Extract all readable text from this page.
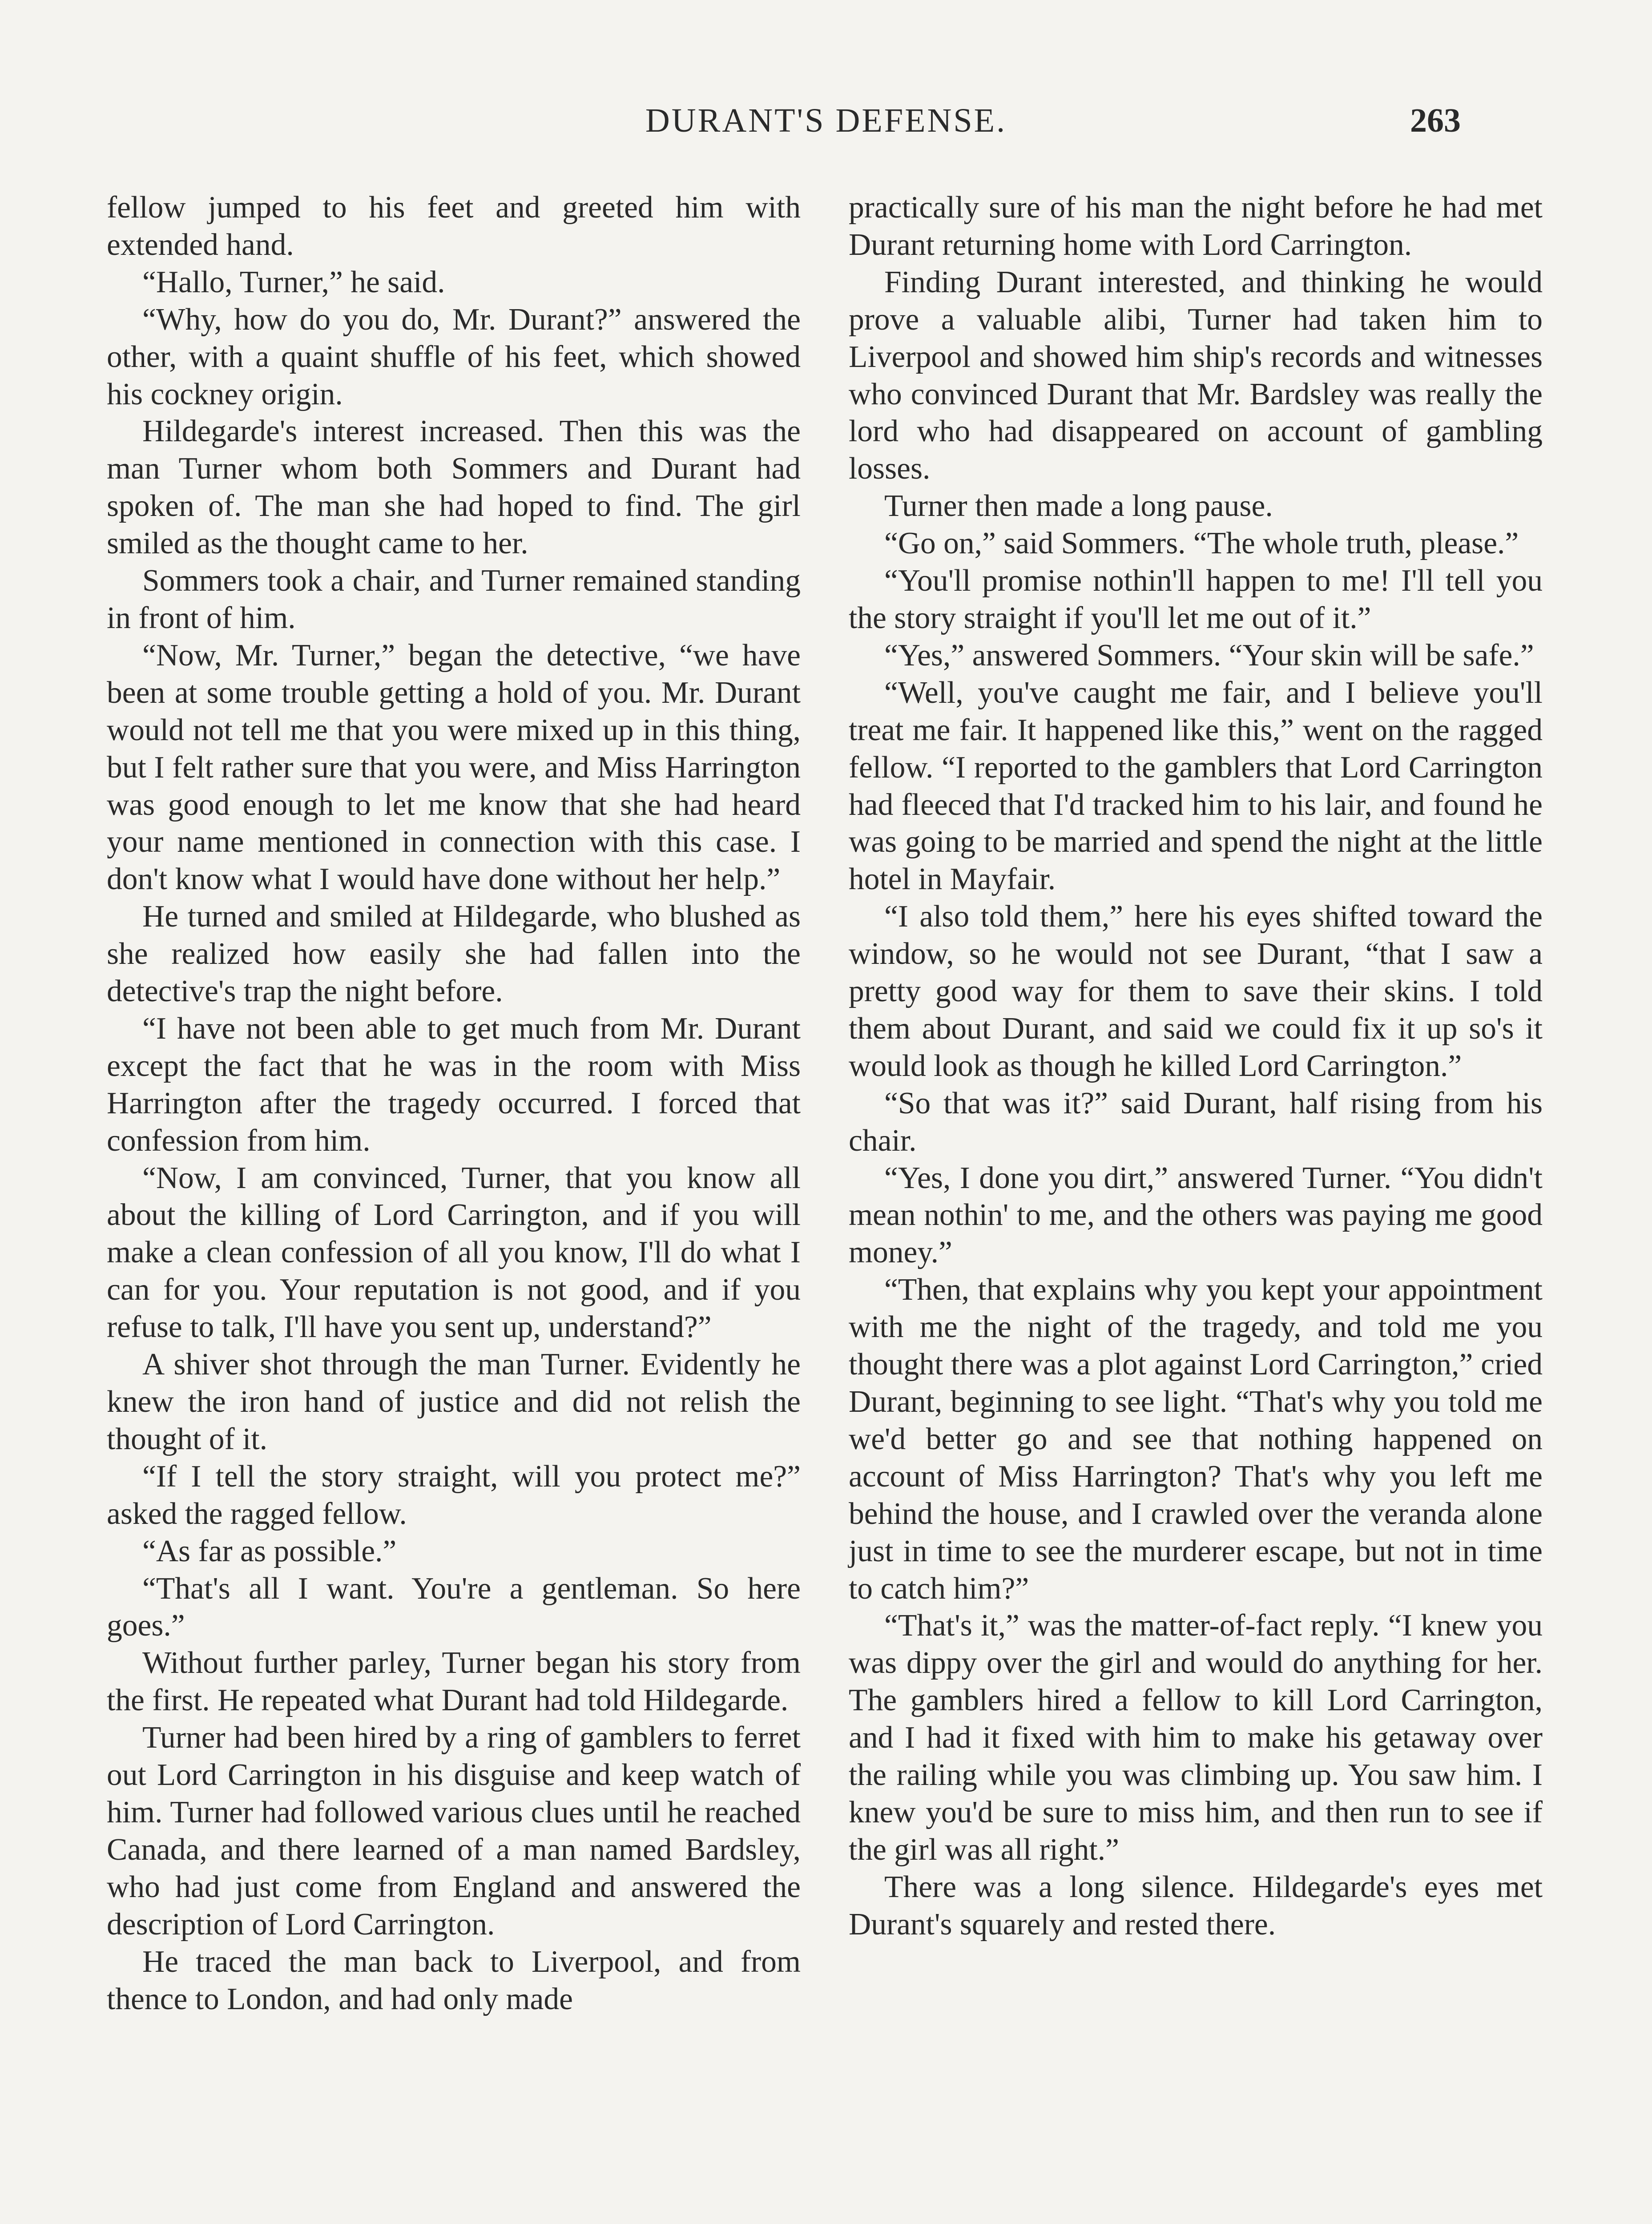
DURANT'S DEFENSE.	263

fellow jumped to his feet and greeted him with extended hand.

“Hallo, Turner,” he said.

“Why, how do you do, Mr. Durant?” answered the other, with a quaint shuffle of his feet, which showed his cockney origin.

Hildegarde's interest increased. Then this was the man Turner whom both Sommers and Durant had spoken of. The man she had hoped to find. The girl smiled as the thought came to her.

Sommers took a chair, and Turner remained standing in front of him.

“Now, Mr. Turner,” began the detective, “we have been at some trouble getting a hold of you. Mr. Durant would not tell me that you were mixed up in this thing, but I felt rather sure that you were, and Miss Harrington was good enough to let me know that she had heard your name mentioned in connection with this case. I don't know what I would have done without her help.”

He turned and smiled at Hildegarde, who blushed as she realized how easily she had fallen into the detective's trap the night before.

“I have not been able to get much from Mr. Durant except the fact that he was in the room with Miss Harrington after the tragedy occurred. I forced that confession from him.

“Now, I am convinced, Turner, that you know all about the killing of Lord Carrington, and if you will make a clean confession of all you know, I'll do what I can for you. Your reputation is not good, and if you refuse to talk, I'll have you sent up, understand?”

A shiver shot through the man Turner. Evidently he knew the iron hand of justice and did not relish the thought of it.

“If I tell the story straight, will you protect me?” asked the ragged fellow.

“As far as possible.”

“That's all I want. You're a gentleman. So here goes.”

Without further parley, Turner began his story from the first. He repeated what Durant had told Hildegarde.

Turner had been hired by a ring of gamblers to ferret out Lord Carrington in his disguise and keep watch of him. Turner had followed various clues until he reached Canada, and there learned of a man named Bardsley, who had just come from England and answered the description of Lord Carrington.

He traced the man back to Liverpool, and from thence to London, and had only made

practically sure of his man the night before he had met Durant returning home with Lord Carrington.

Finding Durant interested, and thinking he would prove a valuable alibi, Turner had taken him to Liverpool and showed him ship's records and witnesses who convinced Durant that Mr. Bardsley was really the lord who had disappeared on account of gambling losses.

Turner then made a long pause.

“Go on,” said Sommers. “The whole truth, please.”

“You'll promise nothin'll happen to me! I'll tell you the story straight if you'll let me out of it.”

“Yes,” answered Sommers. “Your skin will be safe.”

“Well, you've caught me fair, and I believe you'll treat me fair. It happened like this,” went on the ragged fellow. “I reported to the gamblers that Lord Carrington had fleeced that I'd tracked him to his lair, and found he was going to be married and spend the night at the little hotel in Mayfair.

“I also told them,” here his eyes shifted toward the window, so he would not see Durant, “that I saw a pretty good way for them to save their skins. I told them about Durant, and said we could fix it up so's it would look as though he killed Lord Carrington.”

“So that was it?” said Durant, half rising from his chair.

“Yes, I done you dirt,” answered Turner. “You didn't mean nothin' to me, and the others was paying me good money.”

“Then, that explains why you kept your appointment with me the night of the tragedy, and told me you thought there was a plot against Lord Carrington,” cried Durant, beginning to see light. “That's why you told me we'd better go and see that nothing happened on account of Miss Harrington? That's why you left me behind the house, and I crawled over the veranda alone just in time to see the murderer escape, but not in time to catch him?”

“That's it,” was the matter-of-fact reply. “I knew you was dippy over the girl and would do anything for her. The gamblers hired a fellow to kill Lord Carrington, and I had it fixed with him to make his getaway over the railing while you was climbing up. You saw him. I knew you'd be sure to miss him, and then run to see if the girl was all right.”

There was a long silence. Hildegarde's eyes met Durant's squarely and rested there.
